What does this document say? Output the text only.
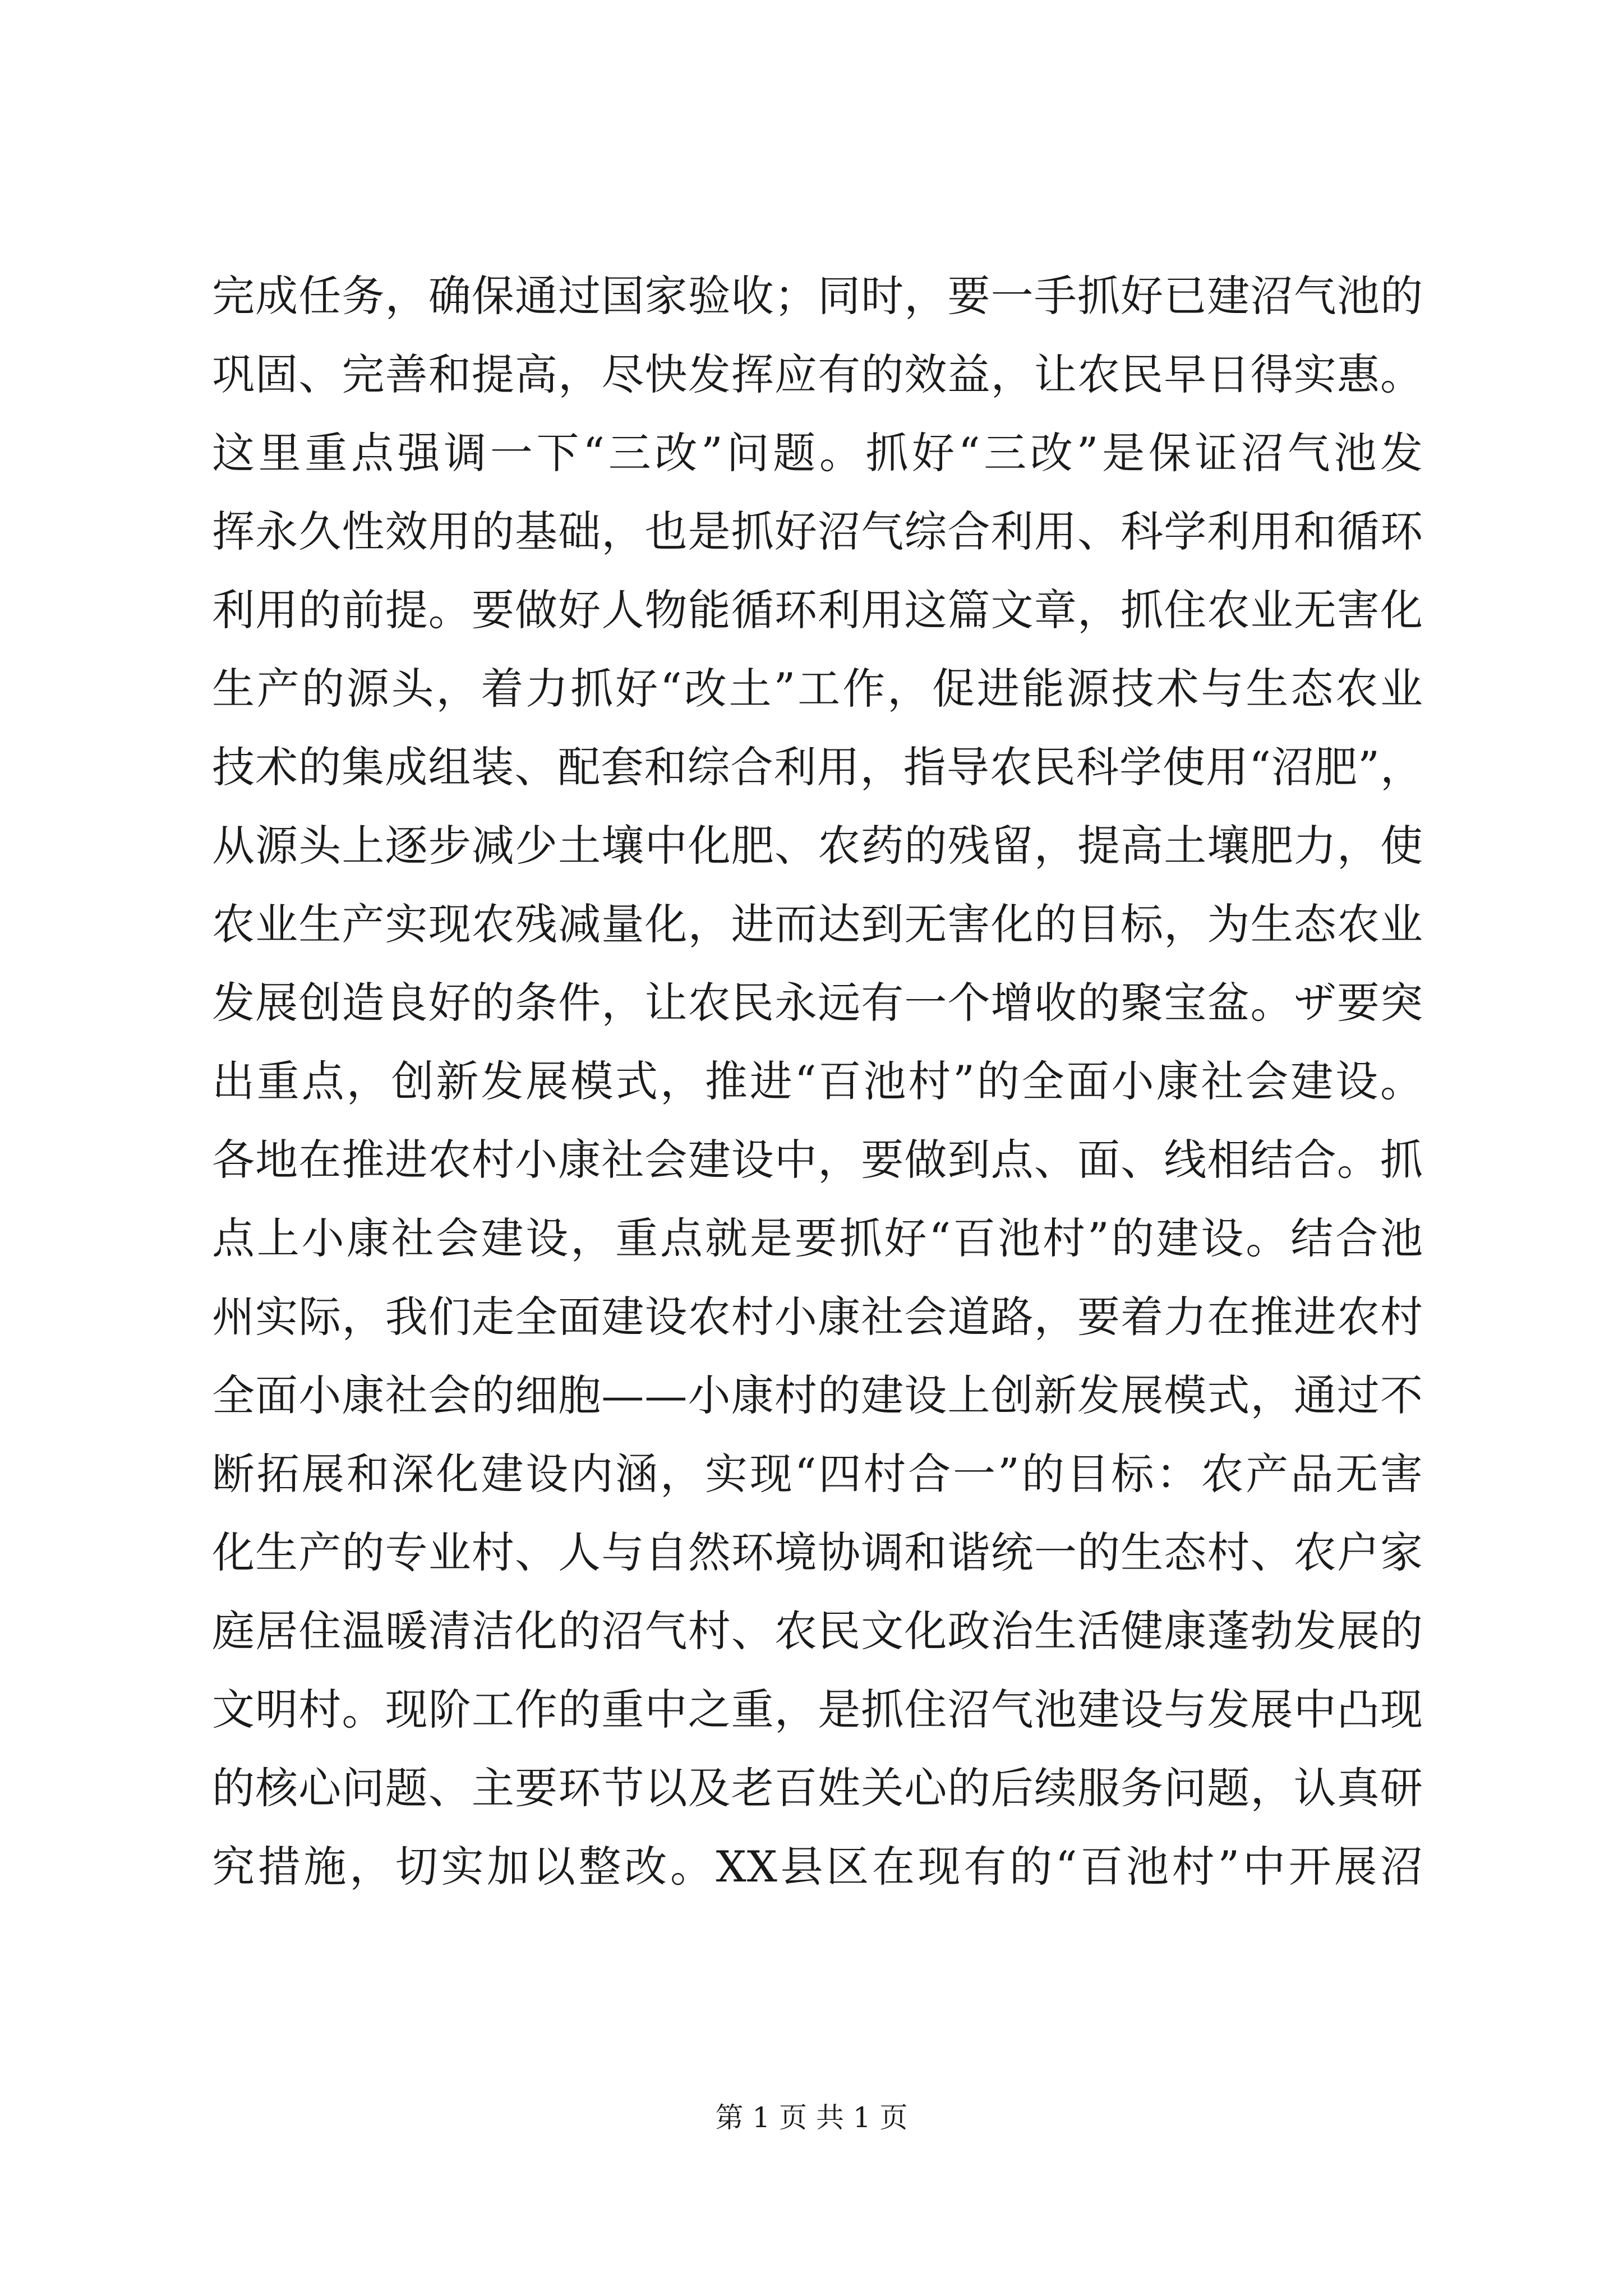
完成任务，确保通过国家验收；同时，要一手抓好已建沼气池的
巩固、完善和提高，尽快发挥应有的效益，让农民早日得实惠。
这里重点强调一下“三改”问题。抓好“三改”是保证沼气池发
挥永久性效用的基础，也是抓好沼气综合利用、科学利用和循环
利用的前提。要做好人物能循环利用这篇文章，抓住农业无害化
生产的源头，着力抓好“改土”工作，促进能源技术与生态农业
技术的集成组装、配套和综合利用，指导农民科学使用“沼肥”，
从源头上逐步减少土壤中化肥、农药的残留，提高土壤肥力，使
农业生产实现农残减量化，进而达到无害化的目标，为生态农业
发展创造良好的条件，让农民永远有一个增收的聚宝盆。ザ要突
出重点，创新发展模式，推进“百池村”的全面小康社会建设。
各地在推进农村小康社会建设中，要做到点、面、线相结合。抓
点上小康社会建设，重点就是要抓好“百池村”的建设。结合池
州实际，我们走全面建设农村小康社会道路，要着力在推进农村
全面小康社会的细胞——小康村的建设上创新发展模式，通过不
断拓展和深化建设内涵，实现“四村合一”的目标：农产品无害
化生产的专业村、人与自然环境协调和谐统一的生态村、农户家
庭居住温暖清洁化的沼气村、农民文化政治生活健康蓬勃发展的
文明村。现阶工作的重中之重，是抓住沼气池建设与发展中凸现
的核心问题、主要环节以及老百姓关心的后续服务问题，认真研
究措施，切实加以整改。XX县区在现有的“百池村”中开展沼
第 1 页 共 1 页
